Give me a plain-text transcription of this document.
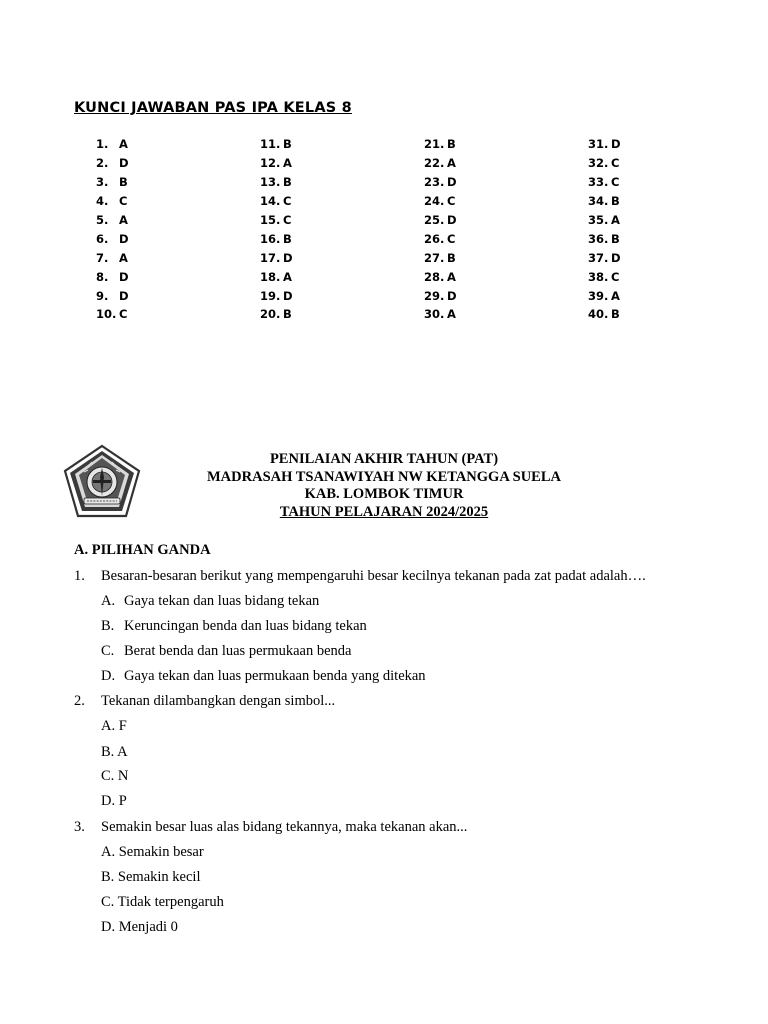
KUNCI JAWABAN PAS IPA KELAS 8
1. A
2. D
3. B
4. C
5. A
6. D
7. A
8. D
9. D
10. C
11. B
12. A
13. B
14. C
15. C
16. B
17. D
18. A
19. D
20. B
21. B
22. A
23. D
24. C
25. D
26. C
27. B
28. A
29. D
30. A
31. D
32. C
33. C
34. B
35. A
36. B
37. D
38. C
39. A
40. B
PENILAIAN AKHIR TAHUN (PAT)
MADRASAH TSANAWIYAH NW KETANGGA SUELA
KAB. LOMBOK TIMUR
TAHUN PELAJARAN 2024/2025
A. PILIHAN GANDA
1. Besaran-besaran berikut yang mempengaruhi besar kecilnya tekanan pada zat padat adalah….
A. Gaya tekan dan luas bidang tekan
B. Keruncingan benda dan luas bidang tekan
C. Berat benda dan luas permukaan benda
D. Gaya tekan dan luas permukaan benda yang ditekan
2. Tekanan dilambangkan dengan simbol...
A. F
B. A
C. N
D. P
3. Semakin besar luas alas bidang tekannya, maka tekanan akan...
A. Semakin besar
B. Semakin kecil
C. Tidak terpengaruh
D. Menjadi 0
